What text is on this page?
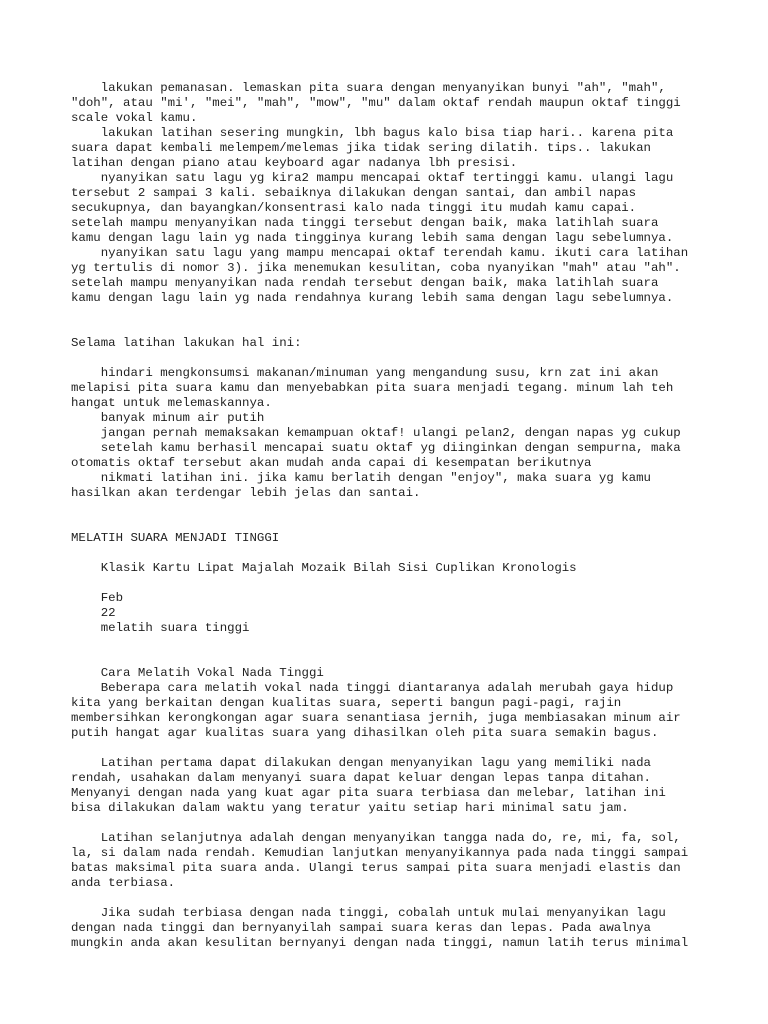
lakukan pemanasan. lemaskan pita suara dengan menyanyikan bunyi "ah", "mah",
"doh", atau "mi', "mei", "mah", "mow", "mu" dalam oktaf rendah maupun oktaf tinggi
scale vokal kamu.
lakukan latihan sesering mungkin, lbh bagus kalo bisa tiap hari.. karena pita
suara dapat kembali melempem/melemas jika tidak sering dilatih. tips.. lakukan
latihan dengan piano atau keyboard agar nadanya lbh presisi.
nyanyikan satu lagu yg kira2 mampu mencapai oktaf tertinggi kamu. ulangi lagu
tersebut 2 sampai 3 kali. sebaiknya dilakukan dengan santai, dan ambil napas
secukupnya, dan bayangkan/konsentrasi kalo nada tinggi itu mudah kamu capai.
setelah mampu menyanyikan nada tinggi tersebut dengan baik, maka latihlah suara
kamu dengan lagu lain yg nada tingginya kurang lebih sama dengan lagu sebelumnya.
nyanyikan satu lagu yang mampu mencapai oktaf terendah kamu. ikuti cara latihan
yg tertulis di nomor 3). jika menemukan kesulitan, coba nyanyikan "mah" atau "ah".
setelah mampu menyanyikan nada rendah tersebut dengan baik, maka latihlah suara
kamu dengan lagu lain yg nada rendahnya kurang lebih sama dengan lagu sebelumnya.
Selama latihan lakukan hal ini:
hindari mengkonsumsi makanan/minuman yang mengandung susu, krn zat ini akan
melapisi pita suara kamu dan menyebabkan pita suara menjadi tegang. minum lah teh
hangat untuk melemaskannya.
banyak minum air putih
jangan pernah memaksakan kemampuan oktaf! ulangi pelan2, dengan napas yg cukup
setelah kamu berhasil mencapai suatu oktaf yg diinginkan dengan sempurna, maka
otomatis oktaf tersebut akan mudah anda capai di kesempatan berikutnya
nikmati latihan ini. jika kamu berlatih dengan "enjoy", maka suara yg kamu
hasilkan akan terdengar lebih jelas dan santai.
MELATIH SUARA MENJADI TINGGI
Klasik Kartu Lipat Majalah Mozaik Bilah Sisi Cuplikan Kronologis
Feb
22
melatih suara tinggi
Cara Melatih Vokal Nada Tinggi
Beberapa cara melatih vokal nada tinggi diantaranya adalah merubah gaya hidup
kita yang berkaitan dengan kualitas suara, seperti bangun pagi-pagi, rajin
membersihkan kerongkongan agar suara senantiasa jernih, juga membiasakan minum air
putih hangat agar kualitas suara yang dihasilkan oleh pita suara semakin bagus.
Latihan pertama dapat dilakukan dengan menyanyikan lagu yang memiliki nada
rendah, usahakan dalam menyanyi suara dapat keluar dengan lepas tanpa ditahan.
Menyanyi dengan nada yang kuat agar pita suara terbiasa dan melebar, latihan ini
bisa dilakukan dalam waktu yang teratur yaitu setiap hari minimal satu jam.
Latihan selanjutnya adalah dengan menyanyikan tangga nada do, re, mi, fa, sol,
la, si dalam nada rendah. Kemudian lanjutkan menyanyikannya pada nada tinggi sampai
batas maksimal pita suara anda. Ulangi terus sampai pita suara menjadi elastis dan
anda terbiasa.
Jika sudah terbiasa dengan nada tinggi, cobalah untuk mulai menyanyikan lagu
dengan nada tinggi dan bernyanyilah sampai suara keras dan lepas. Pada awalnya
mungkin anda akan kesulitan bernyanyi dengan nada tinggi, namun latih terus minimal
